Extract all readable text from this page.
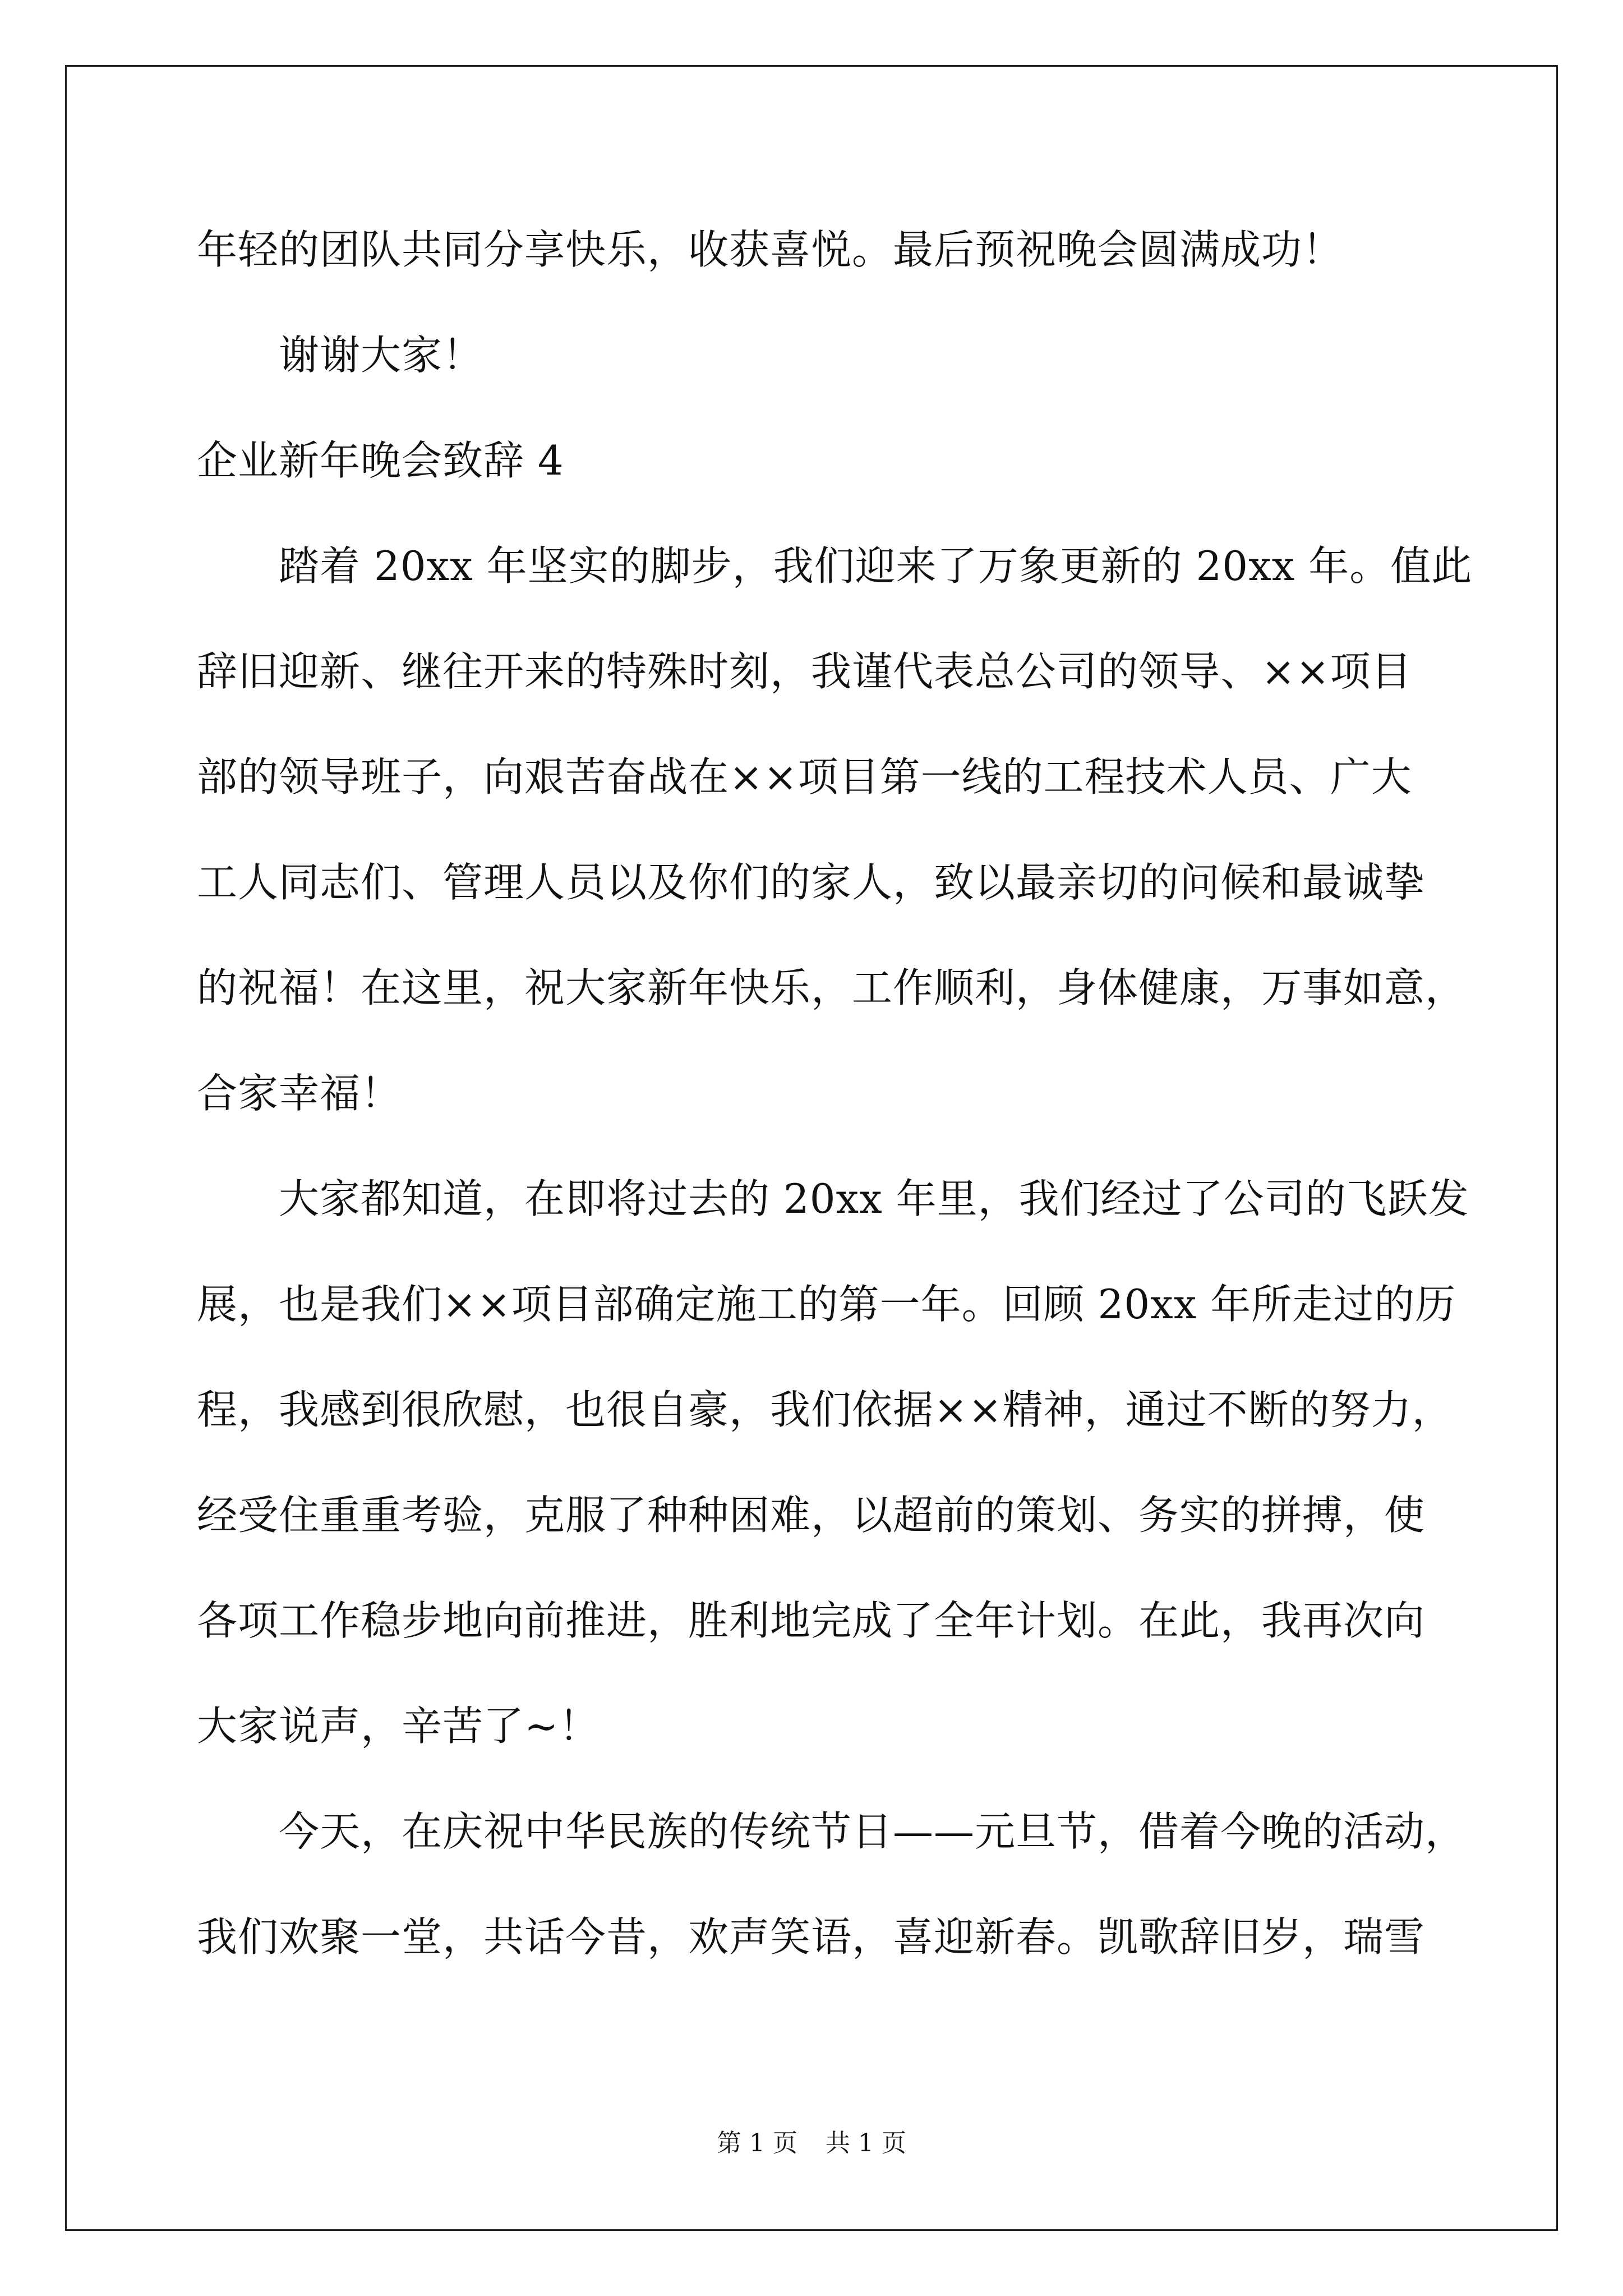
年轻的团队共同分享快乐，收获喜悦。最后预祝晚会圆满成功！
谢谢大家！
企业新年晚会致辞 4
踏着 20xx 年坚实的脚步，我们迎来了万象更新的 20xx 年。值此
辞旧迎新、继往开来的特殊时刻，我谨代表总公司的领导、××项目
部的领导班子，向艰苦奋战在××项目第一线的工程技术人员、广大
工人同志们、管理人员以及你们的家人，致以最亲切的问候和最诚挚
的祝福！在这里，祝大家新年快乐，工作顺利，身体健康，万事如意，
合家幸福！
大家都知道，在即将过去的 20xx 年里，我们经过了公司的飞跃发
展，也是我们××项目部确定施工的第一年。回顾 20xx 年所走过的历
程，我感到很欣慰，也很自豪，我们依据××精神，通过不断的努力，
经受住重重考验，克服了种种困难，以超前的策划、务实的拼搏，使
各项工作稳步地向前推进，胜利地完成了全年计划。在此，我再次向
大家说声，辛苦了~！
今天，在庆祝中华民族的传统节日——元旦节，借着今晚的活动，
我们欢聚一堂，共话今昔，欢声笑语，喜迎新春。凯歌辞旧岁，瑞雪
第 1 页 共 1 页
